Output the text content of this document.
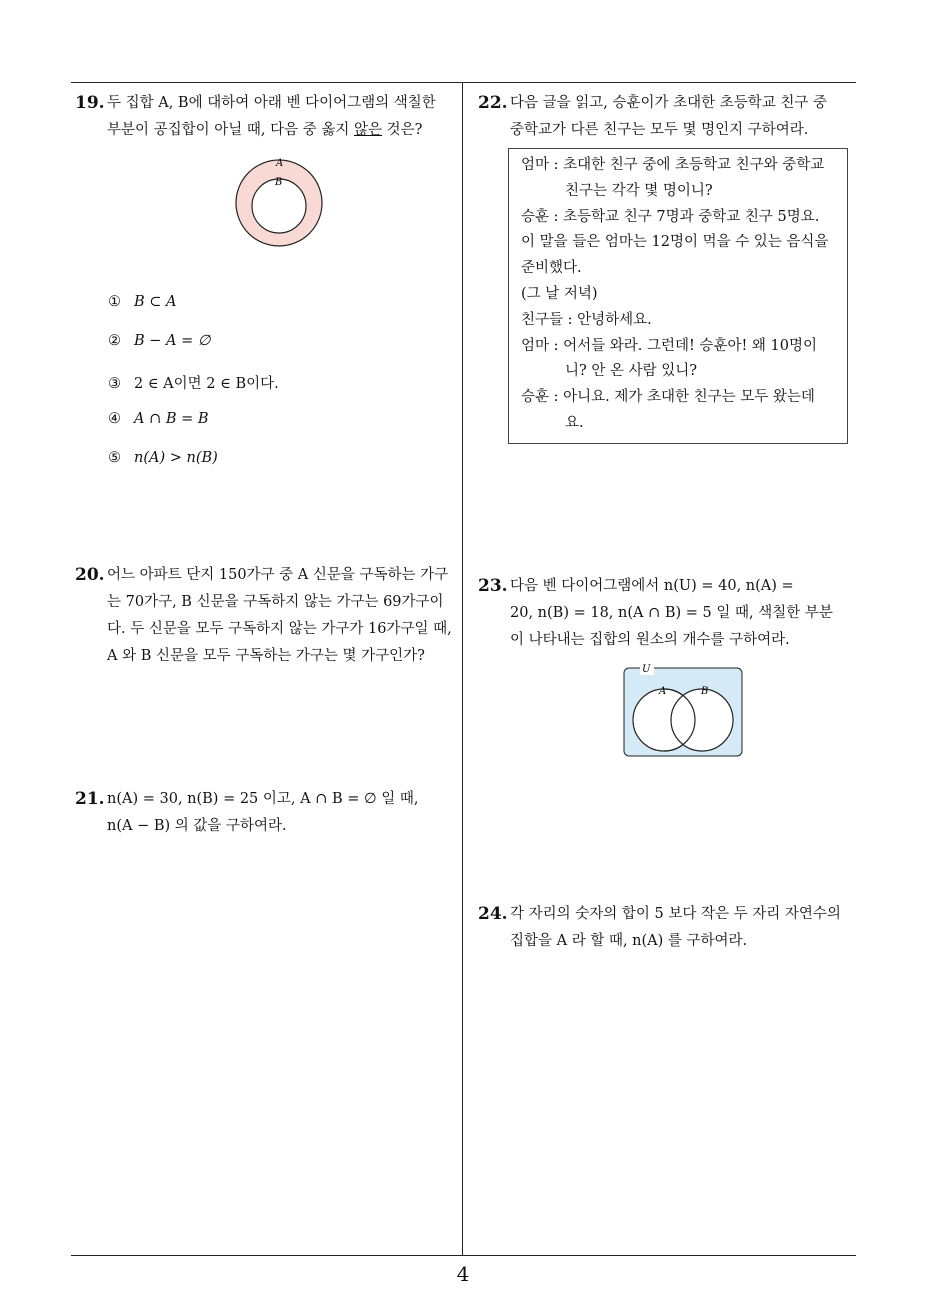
19. 두 집합 A, B에 대하여 아래 벤 다이어그램의 색칠한
부분이 공집합이 아닐 때, 다음 중 옳지 않은 것은?
A
B
① B ⊂ A
② B − A = ∅
③ 2 ∈ A이면 2 ∈ B이다.
④ A ∩ B = B
⑤ n(A) > n(B)
20. 어느 아파트 단지 150가구 중 A 신문을 구독하는 가구
는 70가구, B 신문을 구독하지 않는 가구는 69가구이
다. 두 신문을 모두 구독하지 않는 가구가 16가구일 때,
A 와 B 신문을 모두 구독하는 가구는 몇 가구인가?
21. n(A) = 30, n(B) = 25 이고, A ∩ B = ∅ 일 때,
n(A − B) 의 값을 구하여라.
22. 다음 글을 읽고, 승훈이가 초대한 초등학교 친구 중
중학교가 다른 친구는 모두 몇 명인지 구하여라.
엄마 : 초대한 친구 중에 초등학교 친구와 중학교
친구는 각각 몇 명이니?
승훈 : 초등학교 친구 7명과 중학교 친구 5명요.
이 말을 들은 엄마는 12명이 먹을 수 있는 음식을
준비했다.
(그 날 저녁)
친구들 : 안녕하세요.
엄마 : 어서들 와라. 그런데! 승훈아! 왜 10명이
니? 안 온 사람 있니?
승훈 : 아니요. 제가 초대한 친구는 모두 왔는데
요.
23. 다음 벤 다이어그램에서 n(U) = 40, n(A) =
20, n(B) = 18, n(A ∩ B) = 5 일 때, 색칠한 부분
이 나타내는 집합의 원소의 개수를 구하여라.
U
A	B
24. 각 자리의 숫자의 합이 5 보다 작은 두 자리 자연수의
집합을 A 라 할 때, n(A) 를 구하여라.
4
